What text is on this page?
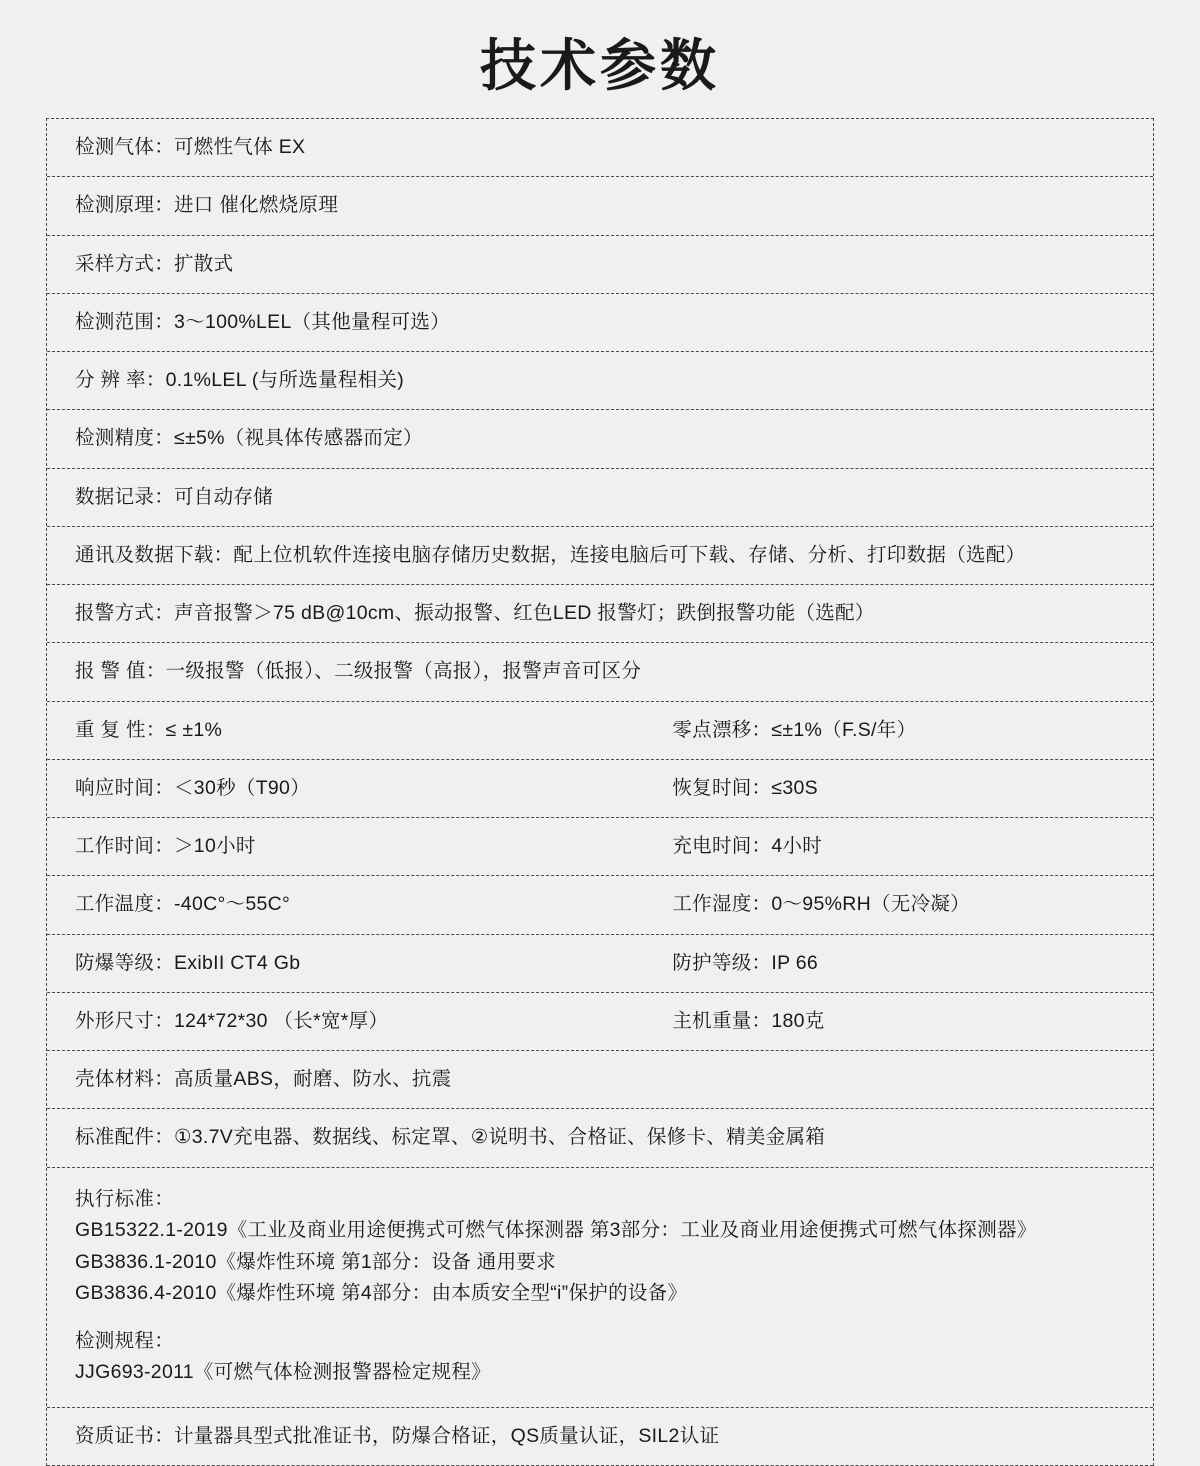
技术参数
检测气体：可燃性气体 EX
检测原理：进口 催化燃烧原理
采样方式：扩散式
检测范围：3～100%LEL（其他量程可选）
分 辨 率：0.1%LEL (与所选量程相关)
检测精度：≤±5%（视具体传感器而定）
数据记录：可自动存储
通讯及数据下载：配上位机软件连接电脑存储历史数据，连接电脑后可下载、存储、分析、打印数据（选配）
报警方式：声音报警＞75 dB@10cm、振动报警、红色LED 报警灯；跌倒报警功能（选配）
报 警 值：一级报警（低报）、二级报警（高报），报警声音可区分
重 复 性：≤ ±1%	零点漂移：≤±1%（F.S/年）
响应时间：＜30秒（T90）	恢复时间：≤30S
工作时间：＞10小时	充电时间：4小时
工作温度：-40C°～55C°	工作湿度：0～95%RH（无冷凝）
防爆等级：ExibII CT4 Gb	防护等级：IP 66
外形尺寸：124*72*30 （长*宽*厚）	主机重量：180克
壳体材料：高质量ABS，耐磨、防水、抗震
标准配件：①3.7V充电器、数据线、标定罩、②说明书、合格证、保修卡、精美金属箱
执行标准：
GB15322.1-2019《工业及商业用途便携式可燃气体探测器 第3部分：工业及商业用途便携式可燃气体探测器》
GB3836.1-2010《爆炸性环境 第1部分：设备 通用要求
GB3836.4-2010《爆炸性环境 第4部分：由本质安全型“i”保护的设备》
检测规程：
JJG693-2011《可燃气体检测报警器检定规程》
资质证书：计量器具型式批准证书，防爆合格证，QS质量认证，SIL2认证
